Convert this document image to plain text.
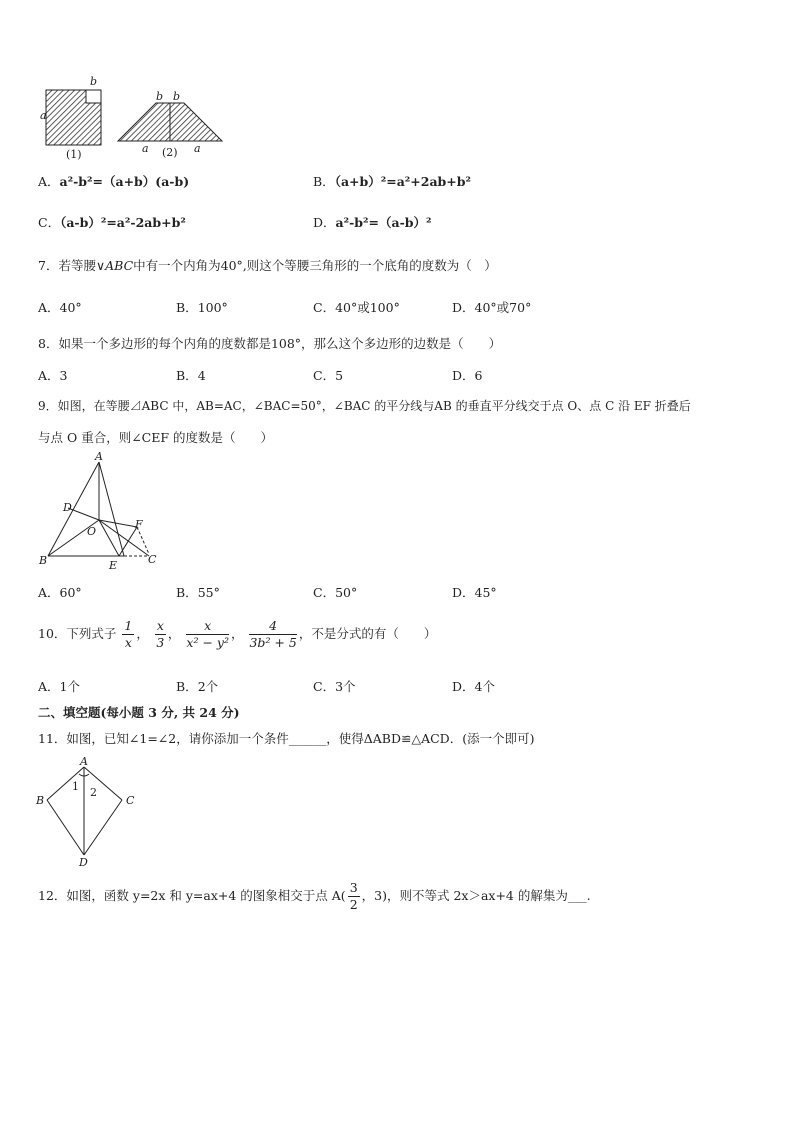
a
b
(1)
b b
a	a
(2)
A．a²-b²=（a+b）(a-b)	B．（a+b）²=a²+2ab+b²
C．（a-b）²=a²-2ab+b²	D．a²-b²=（a-b）²
7．若等腰∨ABC中有一个内角为40°,则这个等腰三角形的一个底角的度数为（　）
A．40°	B．100°	C．40°或100°	D．40°或70°
8．如果一个多边形的每个内角的度数都是108°，那么这个多边形的边数是（　　）
A．3	B．4	C．5	D．6
9．如图，在等腰⊿ABC 中，AB=AC，∠BAC=50°，∠BAC 的平分线与AB 的垂直平分线交于点 O、点 C 沿 EF 折叠后
与点 O 重合，则∠CEF 的度数是（　　）
A
B	C
D
E
F
O
A．60°	B．55°	C．50°	D．45°
10．下列式子 $\frac{1}{x}$ ， $\frac{x}{3}$ ， $\frac{x}{\text{x² − y²}}$ ， $\frac{4}{\text{3b² + 5}}$ ，不是分式的有（　　）
A．1个	B．2个	C．3个	D．4个
二、填空题(每小题 3 分, 共 24 分)
11．如图，已知∠1=∠2，请你添加一个条件______，使得ΔABD≌△ACD．(添一个即可)
A
B	C
D
1 2
12．如图，函数 y=2x 和 y=ax+4 的图象相交于点 $A( \frac{3}{2}$ ，3)，则不等式 2x＞ax+4 的解集为___.
